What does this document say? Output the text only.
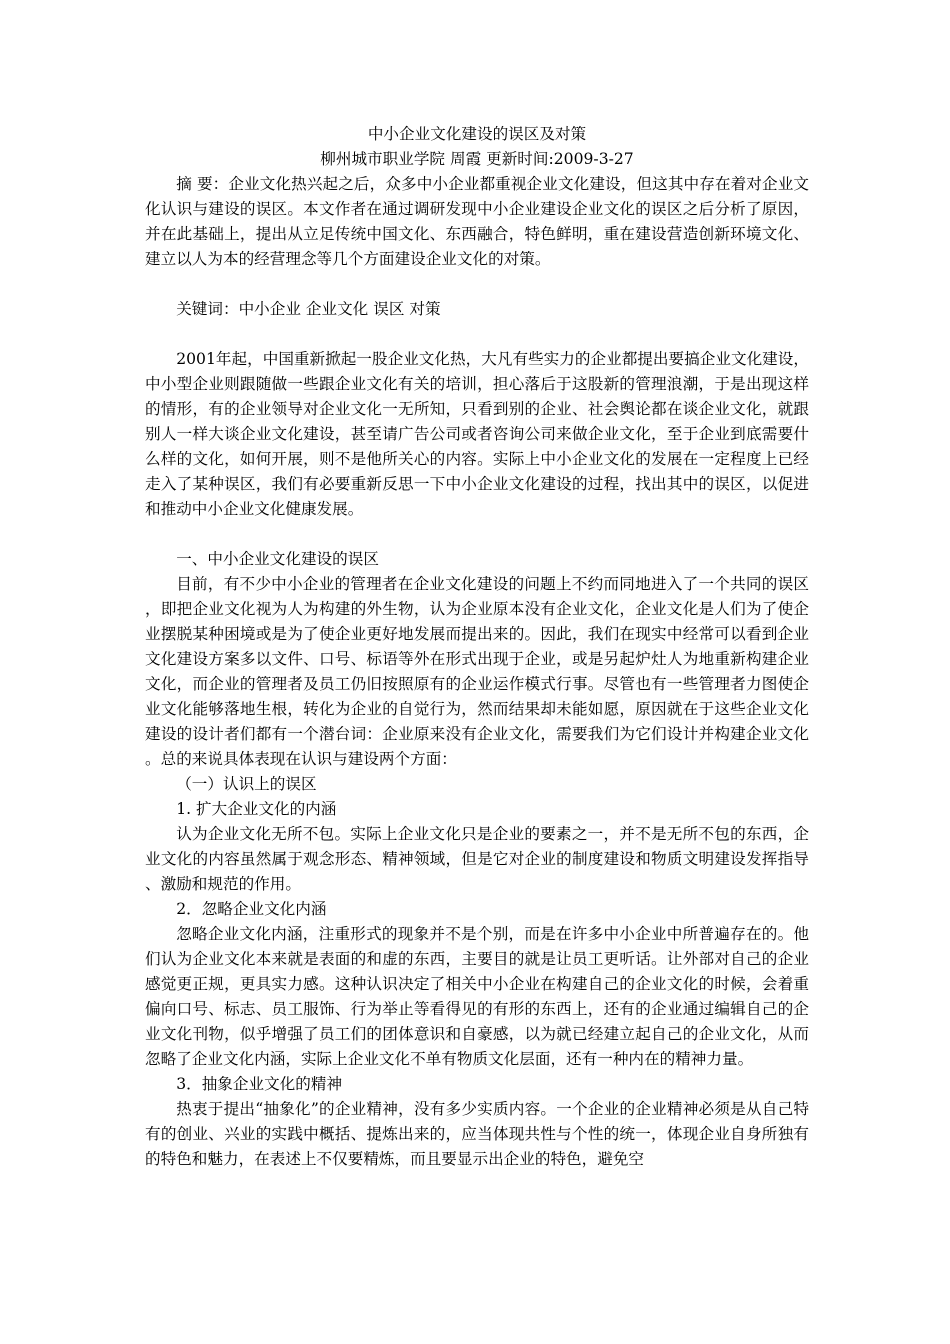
中小企业文化建设的误区及对策
柳州城市职业学院 周霞 更新时间:2009-3-27

摘 要：企业文化热兴起之后，众多中小企业都重视企业文化建设，但这其中存在着对企业文化认识与建设的误区。本文作者在通过调研发现中小企业建设企业文化的误区之后分析了原因，并在此基础上，提出从立足传统中国文化、东西融合，特色鲜明，重在建设营造创新环境文化、建立以人为本的经营理念等几个方面建设企业文化的对策。

关键词：中小企业 企业文化 误区 对策

2001年起，中国重新掀起一股企业文化热，大凡有些实力的企业都提出要搞企业文化建设，中小型企业则跟随做一些跟企业文化有关的培训，担心落后于这股新的管理浪潮，于是出现这样的情形，有的企业领导对企业文化一无所知，只看到别的企业、社会舆论都在谈企业文化，就跟别人一样大谈企业文化建设，甚至请广告公司或者咨询公司来做企业文化，至于企业到底需要什么样的文化，如何开展，则不是他所关心的内容。实际上中小企业文化的发展在一定程度上已经走入了某种误区，我们有必要重新反思一下中小企业文化建设的过程，找出其中的误区，以促进和推动中小企业文化健康发展。

一、中小企业文化建设的误区

目前，有不少中小企业的管理者在企业文化建设的问题上不约而同地进入了一个共同的误区，即把企业文化视为人为构建的外生物，认为企业原本没有企业文化，企业文化是人们为了使企业摆脱某种困境或是为了使企业更好地发展而提出来的。因此，我们在现实中经常可以看到企业文化建设方案多以文件、口号、标语等外在形式出现于企业，或是另起炉灶人为地重新构建企业文化，而企业的管理者及员工仍旧按照原有的企业运作模式行事。尽管也有一些管理者力图使企业文化能够落地生根，转化为企业的自觉行为，然而结果却未能如愿，原因就在于这些企业文化建设的设计者们都有一个潜台词：企业原来没有企业文化，需要我们为它们设计并构建企业文化。总的来说具体表现在认识与建设两个方面：

（一）认识上的误区

1. 扩大企业文化的内涵

认为企业文化无所不包。实际上企业文化只是企业的要素之一，并不是无所不包的东西，企业文化的内容虽然属于观念形态、精神领域，但是它对企业的制度建设和物质文明建设发挥指导、激励和规范的作用。

2．忽略企业文化内涵

忽略企业文化内涵，注重形式的现象并不是个别，而是在许多中小企业中所普遍存在的。他们认为企业文化本来就是表面的和虚的东西，主要目的就是让员工更听话。让外部对自己的企业感觉更正规，更具实力感。这种认识决定了相关中小企业在构建自己的企业文化的时候，会着重偏向口号、标志、员工服饰、行为举止等看得见的有形的东西上，还有的企业通过编辑自己的企业文化刊物，似乎增强了员工们的团体意识和自豪感，以为就已经建立起自己的企业文化，从而忽略了企业文化内涵，实际上企业文化不单有物质文化层面，还有一种内在的精神力量。

3．抽象企业文化的精神

热衷于提出“抽象化”的企业精神，没有多少实质内容。一个企业的企业精神必须是从自己特有的创业、兴业的实践中概括、提炼出来的，应当体现共性与个性的统一，体现企业自身所独有的特色和魅力，在表述上不仅要精炼，而且要显示出企业的特色，避免空
